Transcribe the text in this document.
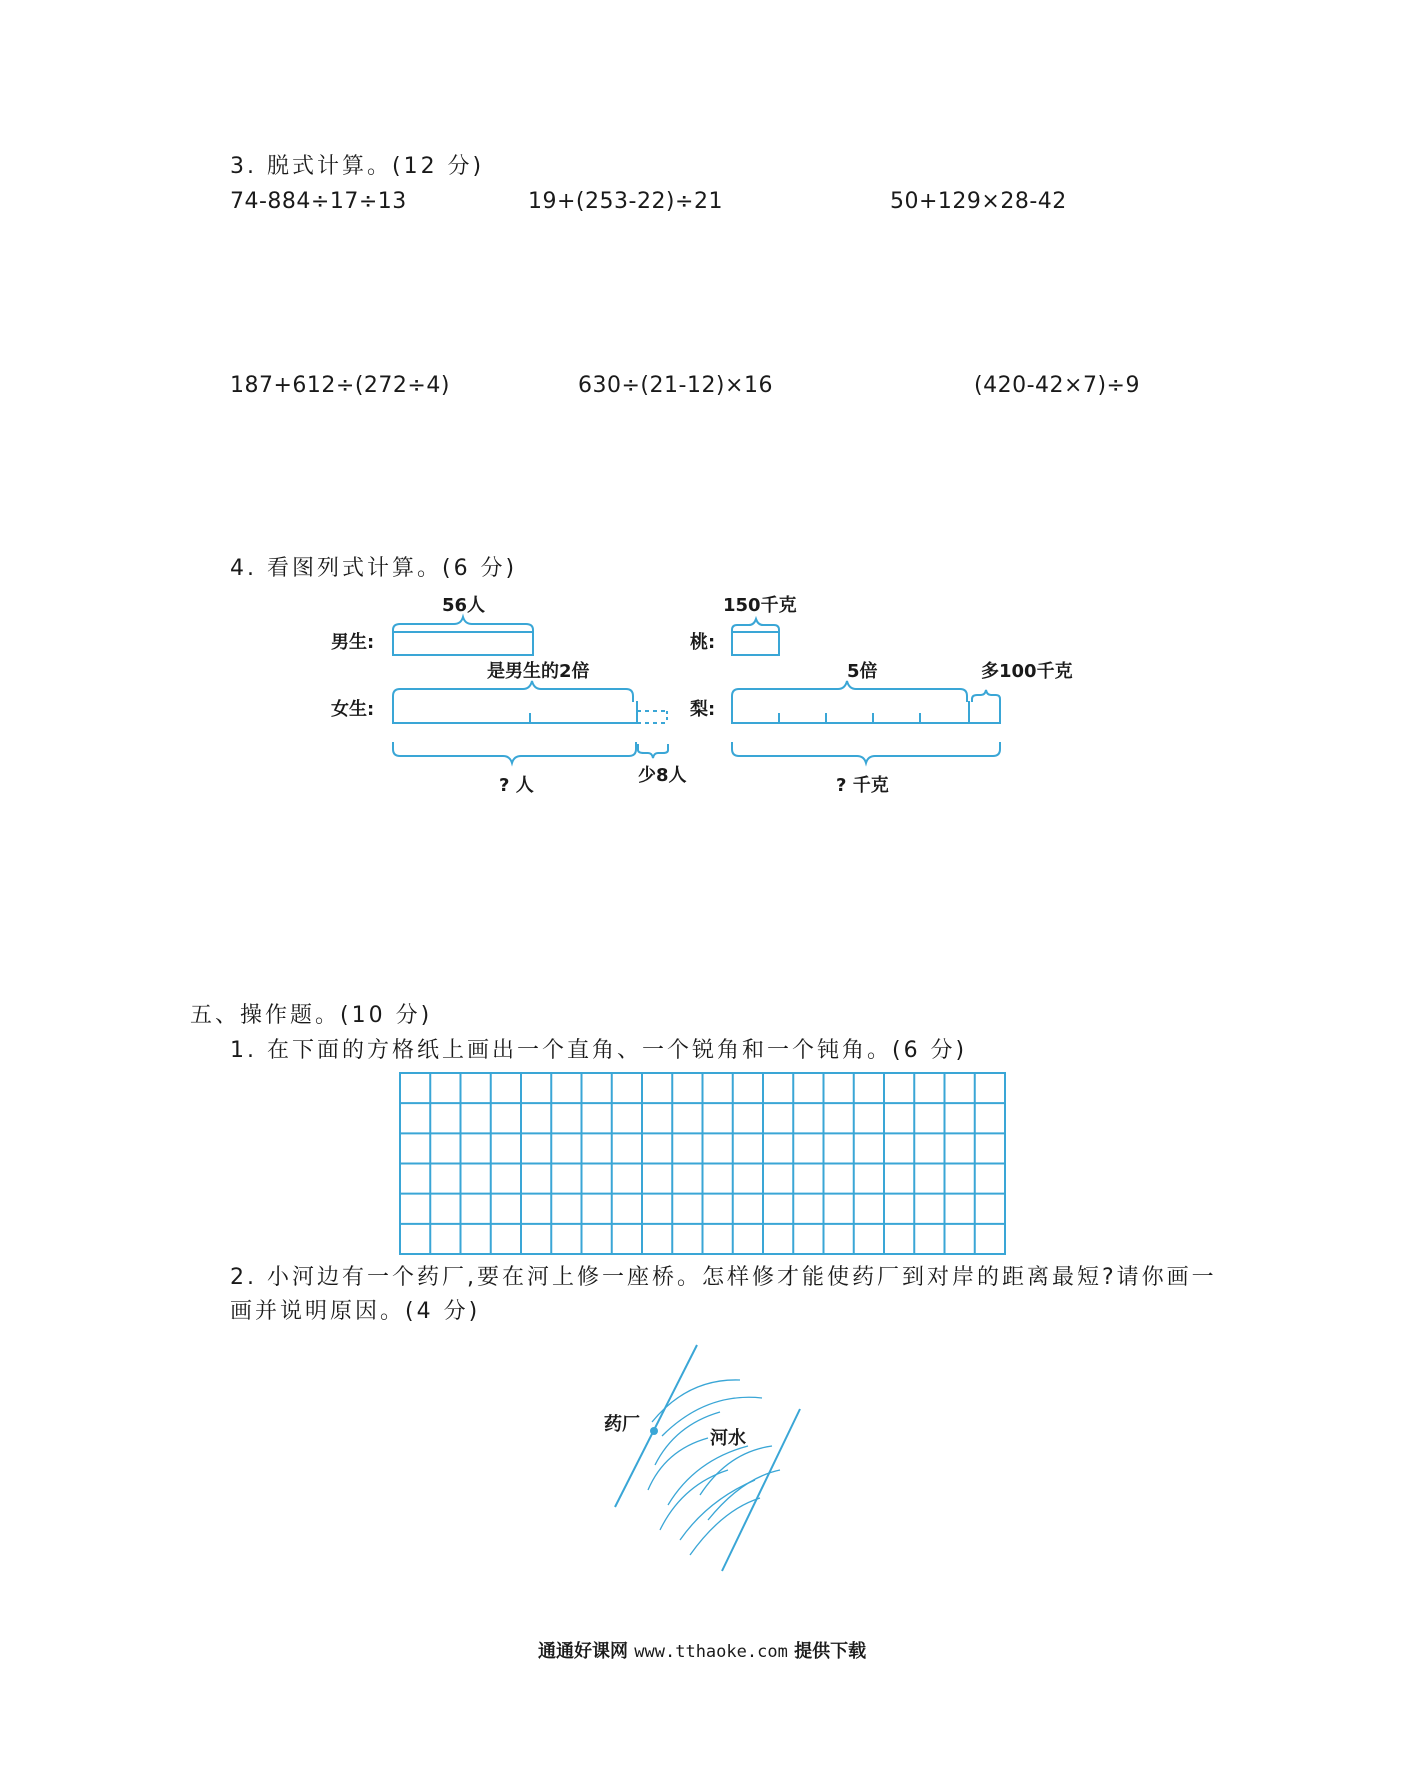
3. 脱式计算。(12 分)
74-884÷17÷13	19+(253-22)÷21	50+129×28-42
187+612÷(272÷4)	630÷(21-12)×16	(420-42×7)÷9
4. 看图列式计算。(6 分)
56人
男生:
是男生的2倍
女生:
? 人	少8人
150千克
桃:
5倍	多100千克
梨:
? 千克
五、操作题。(10 分)
1. 在下面的方格纸上画出一个直角、一个锐角和一个钝角。(6 分)
2. 小河边有一个药厂,要在河上修一座桥。怎样修才能使药厂到对岸的距离最短?请你画一
画并说明原因。(4 分)
药厂
河水
通通好课网 www.tthaoke.com 提供下载
